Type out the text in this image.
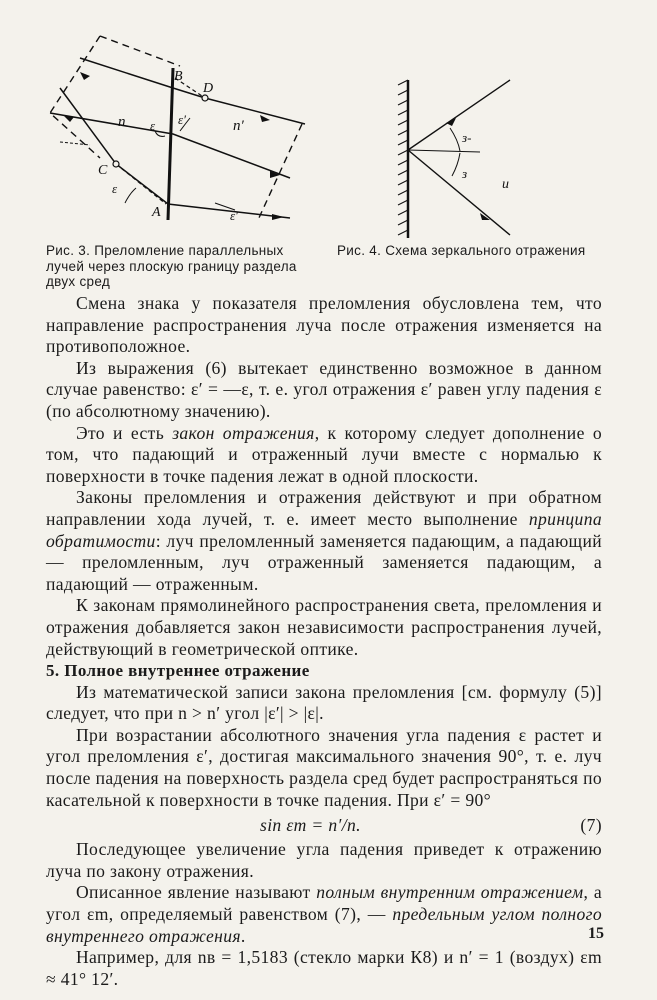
B
D
C
A
n	n′
ε ε′
ε
ε′
з-
з
u
Рис. 3. Преломление параллельных лучей через плоскую границу раздела двух сред
Рис. 4. Схема зеркального отражения

Смена знака у показателя преломления обусловлена тем, что направление распространения луча после отражения изменяется на противоположное.

Из выражения (6) вытекает единственно возможное в данном случае равенство: ε′ = —ε, т. е. угол отражения ε′ равен углу падения ε (по абсолютному значению).

Это и есть закон отражения, к которому следует дополнение о том, что падающий и отраженный лучи вместе с нормалью к поверхности в точке падения лежат в одной плоскости.

Законы преломления и отражения действуют и при обратном направлении хода лучей, т. е. имеет место выполнение принципа обратимости: луч преломленный заменяется падающим, а падающий — преломленным, луч отраженный заменяется падающим, а падающий — отраженным.

К законам прямолинейного распространения света, преломления и отражения добавляется закон независимости распространения лучей, действующий в геометрической оптике.

5. Полное внутреннее отражение

Из математической записи закона преломления [см. формулу (5)] следует, что при n > n′ угол |ε′| > |ε|.

При возрастании абсолютного значения угла падения ε растет и угол преломления ε′, достигая максимального значения 90°, т. е. луч после падения на поверхность раздела сред будет распространяться по касательной к поверхности в точке падения. При ε′ = 90°

sin εm = n′/n.	(7)

Последующее увеличение угла падения приведет к отражению луча по закону отражения.

Описанное явление называют полным внутренним отражением, а угол εm, определяемый равенством (7), — предельным углом полного внутреннего отражения.

Например, для nв = 1,5183 (стекло марки К8) и n′ = 1 (воздух) εm ≈ 41° 12′.

15
